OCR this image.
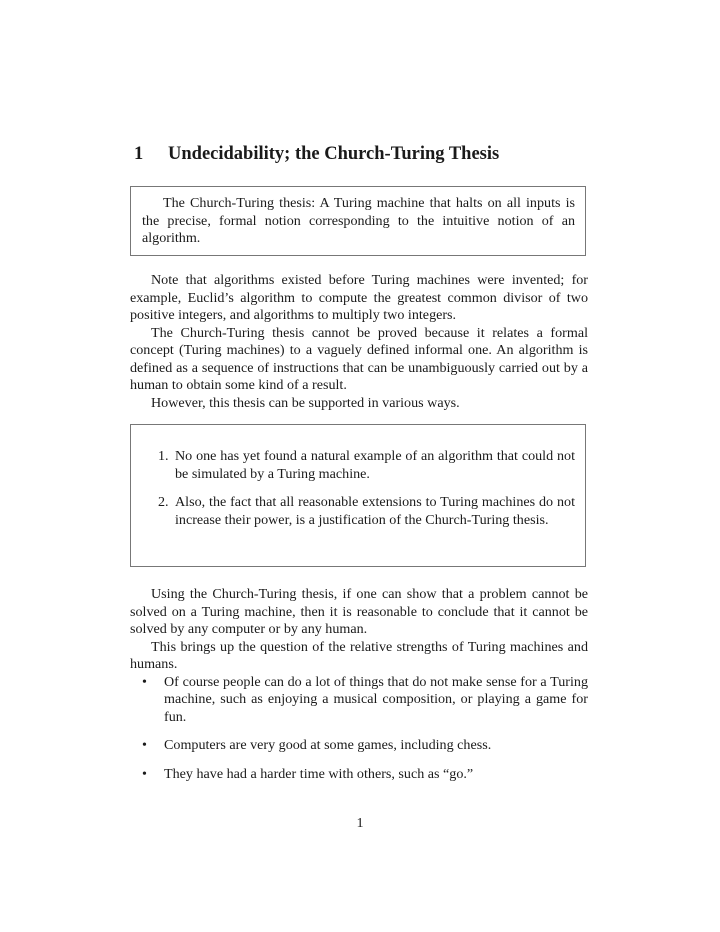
1 Undecidability; the Church-Turing Thesis

The Church-Turing thesis: A Turing machine that halts on all inputs is the precise, formal notion corresponding to the intuitive notion of an algorithm.

Note that algorithms existed before Turing machines were invented; for example, Euclid’s algorithm to compute the greatest common divisor of two positive integers, and algorithms to multiply two integers.

The Church-Turing thesis cannot be proved because it relates a formal concept (Turing machines) to a vaguely defined informal one. An algorithm is defined as a sequence of instructions that can be unambiguously carried out by a human to obtain some kind of a result.

However, this thesis can be supported in various ways.

1. No one has yet found a natural example of an algorithm that could not be simulated by a Turing machine.
2. Also, the fact that all reasonable extensions to Turing machines do not increase their power, is a justification of the Church-Turing thesis.

Using the Church-Turing thesis, if one can show that a problem cannot be solved on a Turing machine, then it is reasonable to conclude that it cannot be solved by any computer or by any human.

This brings up the question of the relative strengths of Turing machines and humans.

• Of course people can do a lot of things that do not make sense for a Turing machine, such as enjoying a musical composition, or playing a game for fun.
• Computers are very good at some games, including chess.
• They have had a harder time with others, such as “go.”
1
